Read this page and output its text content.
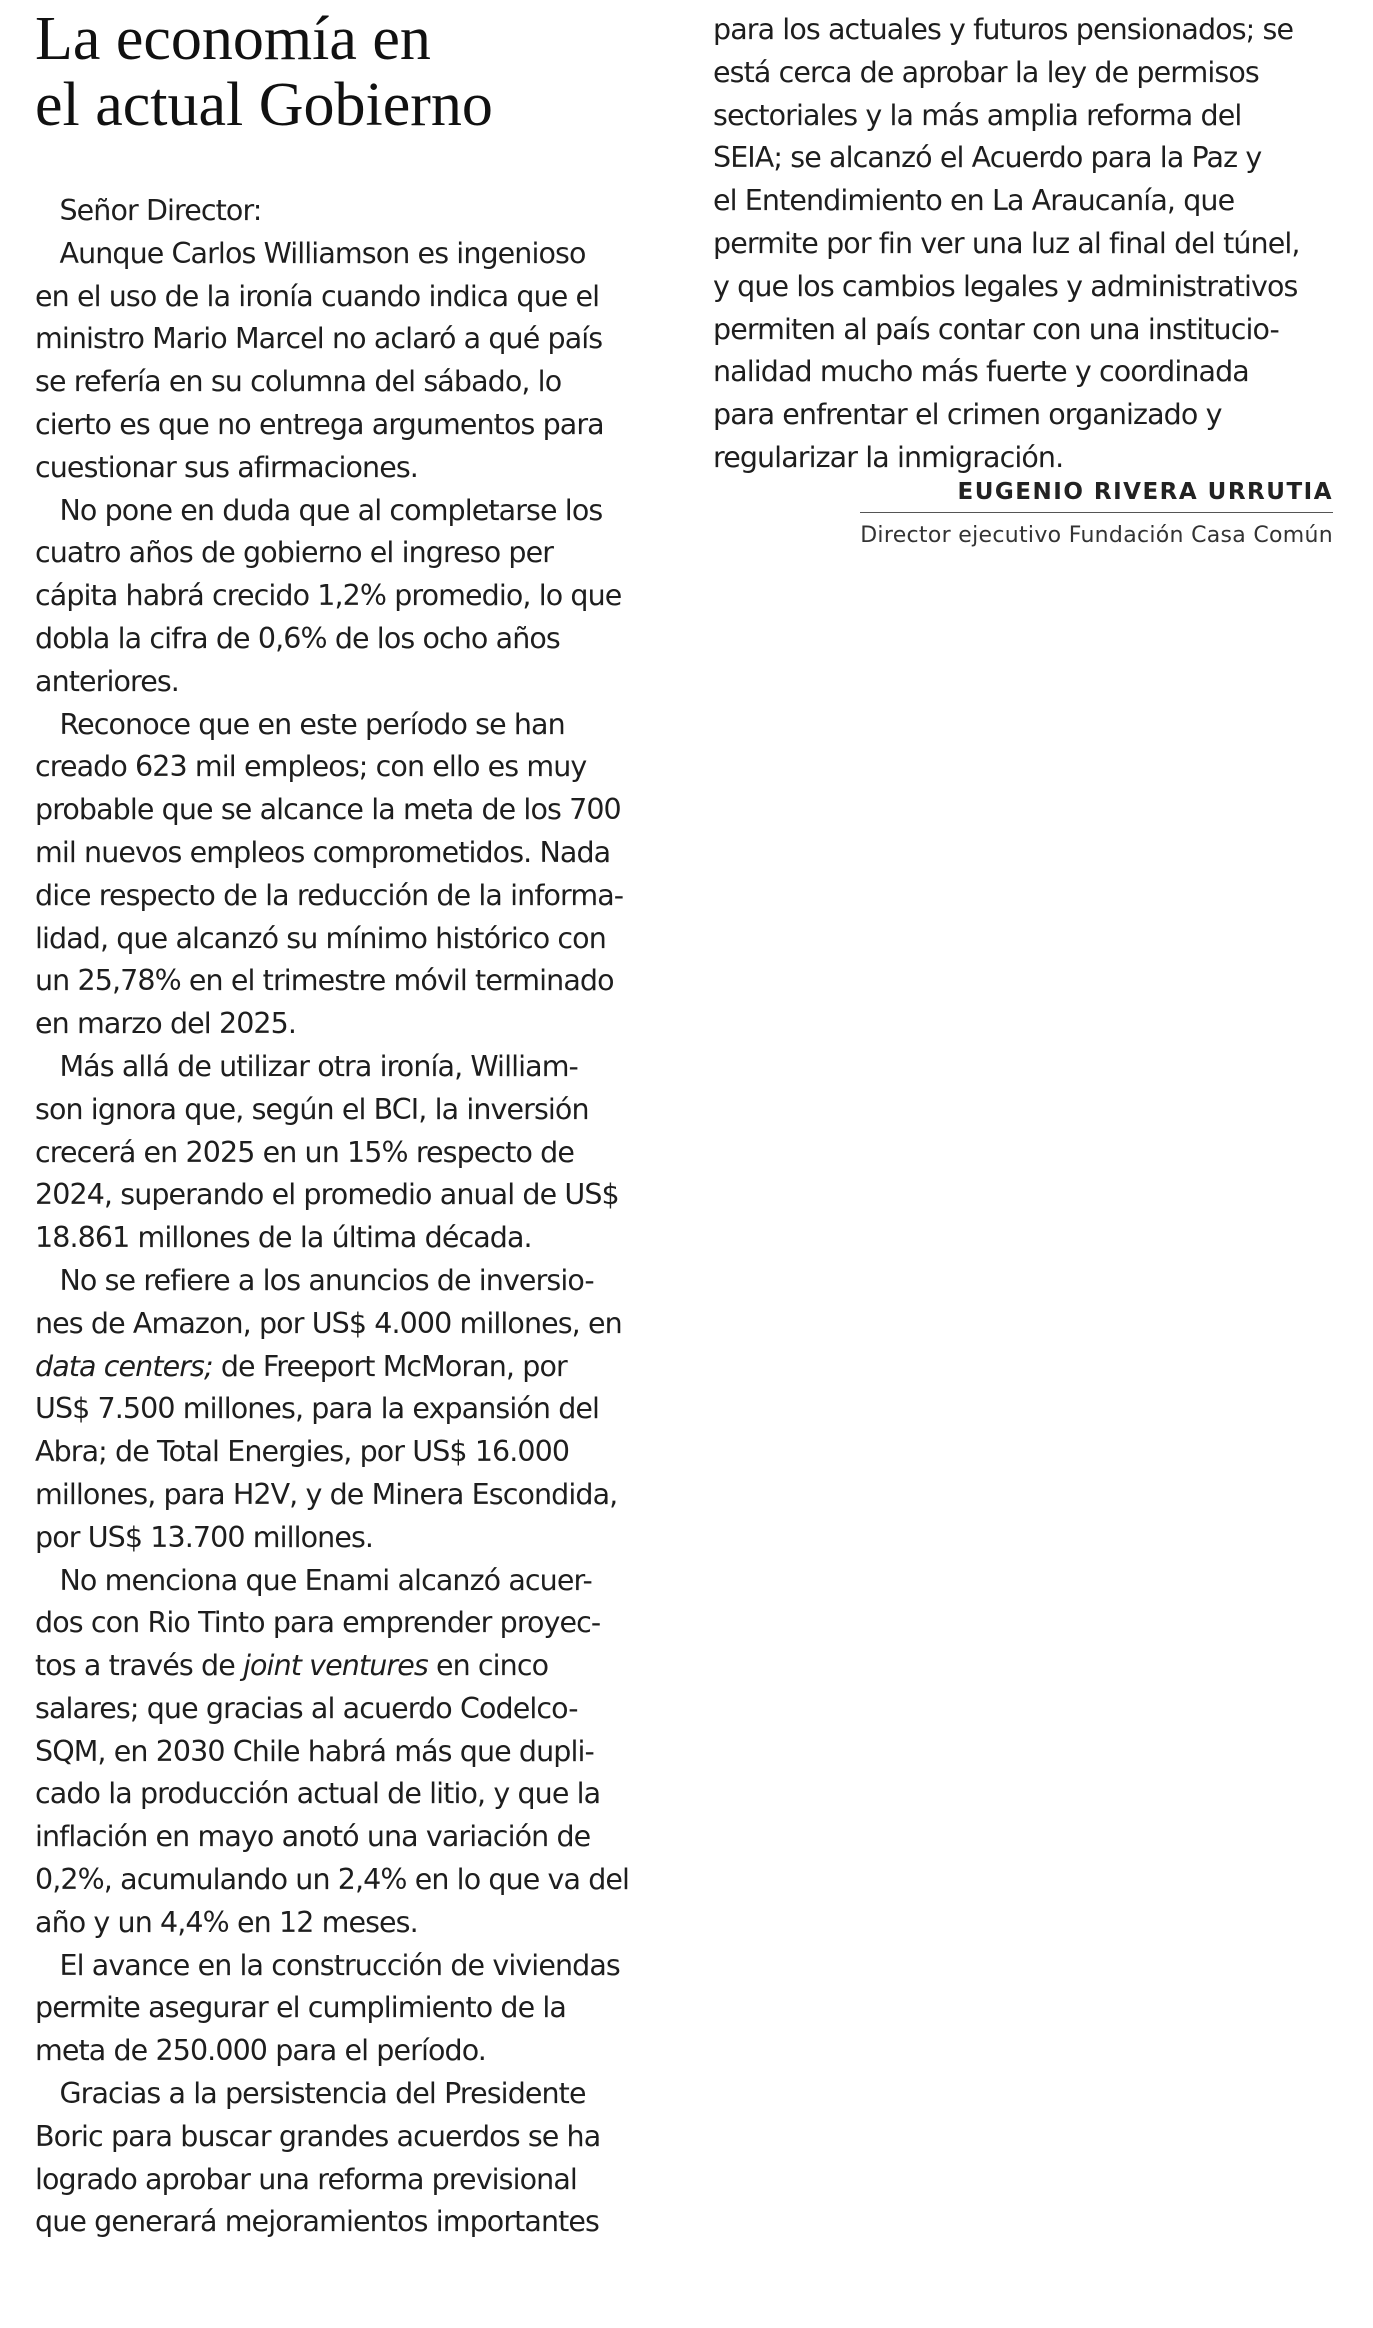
La economía en
el actual Gobierno
Señor Director:
Aunque Carlos Williamson es ingenioso
en el uso de la ironía cuando indica que el
ministro Mario Marcel no aclaró a qué país
se refería en su columna del sábado, lo
cierto es que no entrega argumentos para
cuestionar sus afirmaciones.
No pone en duda que al completarse los
cuatro años de gobierno el ingreso per
cápita habrá crecido 1,2% promedio, lo que
dobla la cifra de 0,6% de los ocho años
anteriores.
Reconoce que en este período se han
creado 623 mil empleos; con ello es muy
probable que se alcance la meta de los 700
mil nuevos empleos comprometidos. Nada
dice respecto de la reducción de la informa-
lidad, que alcanzó su mínimo histórico con
un 25,78% en el trimestre móvil terminado
en marzo del 2025.
Más allá de utilizar otra ironía, William-
son ignora que, según el BCI, la inversión
crecerá en 2025 en un 15% respecto de
2024, superando el promedio anual de US$
18.861 millones de la última década.
No se refiere a los anuncios de inversio-
nes de Amazon, por US$ 4.000 millones, en
data centers; de Freeport McMoran, por
US$ 7.500 millones, para la expansión del
Abra; de Total Energies, por US$ 16.000
millones, para H2V, y de Minera Escondida,
por US$ 13.700 millones.
No menciona que Enami alcanzó acuer-
dos con Rio Tinto para emprender proyec-
tos a través de joint ventures en cinco
salares; que gracias al acuerdo Codelco-
SQM, en 2030 Chile habrá más que dupli-
cado la producción actual de litio, y que la
inflación en mayo anotó una variación de
0,2%, acumulando un 2,4% en lo que va del
año y un 4,4% en 12 meses.
El avance en la construcción de viviendas
permite asegurar el cumplimiento de la
meta de 250.000 para el período.
Gracias a la persistencia del Presidente
Boric para buscar grandes acuerdos se ha
logrado aprobar una reforma previsional
que generará mejoramientos importantes
para los actuales y futuros pensionados; se
está cerca de aprobar la ley de permisos
sectoriales y la más amplia reforma del
SEIA; se alcanzó el Acuerdo para la Paz y
el Entendimiento en La Araucanía, que
permite por fin ver una luz al final del túnel,
y que los cambios legales y administrativos
permiten al país contar con una institucio-
nalidad mucho más fuerte y coordinada
para enfrentar el crimen organizado y
regularizar la inmigración.
EUGENIO RIVERA URRUTIA
Director ejecutivo Fundación Casa Común
